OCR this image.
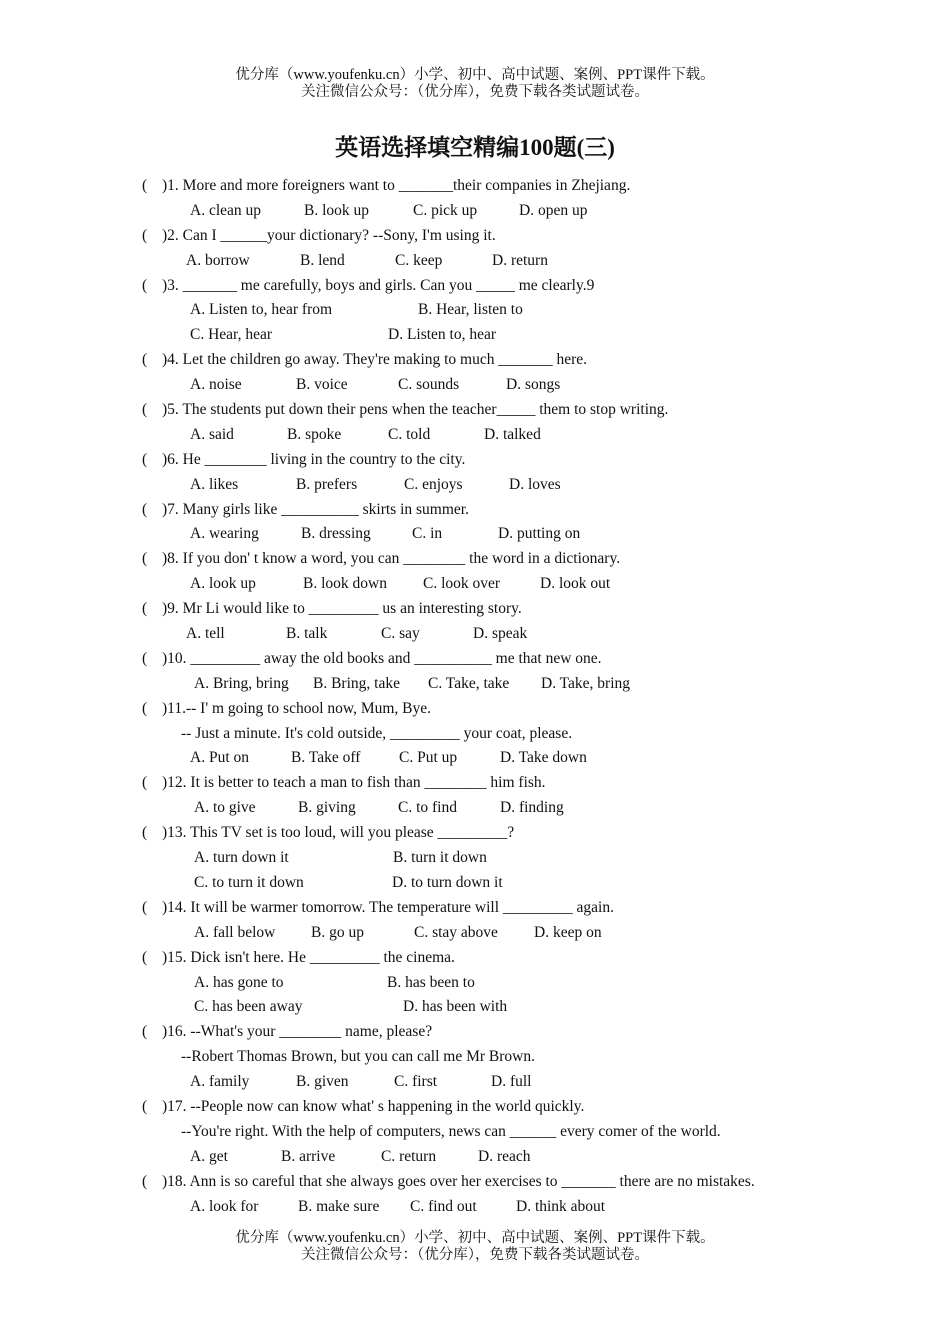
优分库（www.youfenku.cn）小学、初中、高中试题、案例、PPT课件下载。
关注微信公众号：（优分库），免费下载各类试题试卷。
英语选择填空精编100题(三)
( )1. More and more foreigners want to _______their companies in Zhejiang.
A. clean up	B. look up	C. pick up	D. open up
( )2. Can I ______your dictionary? --Sony, I'm using it.
A. borrow	B. lend	C. keep	D. return
( )3. _______ me carefully, boys and girls. Can you _____ me clearly.9
A. Listen to, hear from	B. Hear, listen to
C. Hear, hear	D. Listen to, hear
( )4. Let the children go away. They're making to much _______ here.
A. noise	B. voice	C. sounds	D. songs
( )5. The students put down their pens when the teacher_____ them to stop writing.
A. said	B. spoke	C. told	D. talked
( )6. He ________ living in the country to the city.
A. likes	B. prefers	C. enjoys	D. loves
( )7. Many girls like __________ skirts in summer.
A. wearing	B. dressing	C. in	D. putting on
( )8. If you don' t know a word, you can ________ the word in a dictionary.
A. look up	B. look down C. look over	D. look out
( )9. Mr Li would like to _________ us an interesting story.
A. tell	B. talk	C. say	D. speak
( )10. _________ away the old books and __________ me that new one.
A. Bring, bring B. Bring, take C. Take, take D. Take, bring
( )11.-- I' m going to school now, Mum, Bye.
-- Just a minute. It's cold outside, _________ your coat, please.
A. Put on	B. Take off C. Put up	D. Take down
( )12. It is better to teach a man to fish than ________ him fish.
A. to give	B. giving	C. to find	D. finding
( )13. This TV set is too loud, will you please _________?
A. turn down it	B. turn it down
C. to turn it down	D. to turn down it
( )14. It will be warmer tomorrow. The temperature will _________ again.
A. fall below B. go up	C. stay above D. keep on
( )15. Dick isn't here. He _________ the cinema.
A. has gone to	B. has been to
C. has been away	D. has been with
( )16. --What's your ________ name, please?
--Robert Thomas Brown, but you can call me Mr Brown.
A. family	B. given	C. first	D. full
( )17. --People now can know what' s happening in the world quickly.
--You're right. With the help of computers, news can ______ every comer of the world.
A. get	B. arrive	C. return	D. reach
( )18. Ann is so careful that she always goes over her exercises to _______ there are no mistakes.
A. look for	B. make sure C. find out	D. think about
优分库（www.youfenku.cn）小学、初中、高中试题、案例、PPT课件下载。
关注微信公众号：（优分库），免费下载各类试题试卷。
